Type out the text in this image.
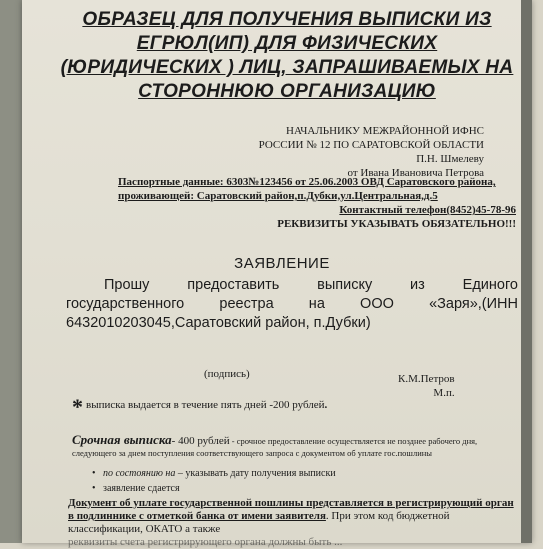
ОБРАЗЕЦ ДЛЯ ПОЛУЧЕНИЯ ВЫПИСКИ ИЗ
ЕГРЮЛ(ИП) ДЛЯ ФИЗИЧЕСКИХ
(ЮРИДИЧЕСКИХ ) ЛИЦ, ЗАПРАШИВАЕМЫХ НА
СТОРОННЮЮ ОРГАНИЗАЦИЮ
НАЧАЛЬНИКУ МЕЖРАЙОННОЙ ИФНС
РОССИИ № 12 ПО САРАТОВСКОЙ ОБЛАСТИ
П.Н. Шмелеву
от Ивана Ивановича Петрова
Паспортные данные: 6303№123456 от 25.06.2003 ОВД Саратовского района,
проживающей: Саратовский район,п.Дубки,ул.Центральная,д.5
Контактный телефон(8452)45-78-96
РЕКВИЗИТЫ УКАЗЫВАТЬ ОБЯЗАТЕЛЬНО!!!
ЗАЯВЛЕНИЕ
Прошу предоставить выписку из Единого
государственного реестра на ООО «Заря»,(ИНН
6432010203045,Саратовский район, п.Дубки)
(подпись)	К.М.Петров
М.п.
* выписка выдается в течение пять дней -200 рублей.
Срочная выписка- 400 рублей - срочное предоставление осуществляется не позднее рабочего дня, следующего за днем поступления соответствующего запроса с документом об уплате гос.пошлины
•   по состоянию на – указывать дату получения выписки
•   заявление сдается
Документ об уплате государственной пошлины представляется в регистрирующий орган в подлиннике с отметкой банка от имени заявителя. При этом код бюджетной классификации, ОКАТО а также
реквизиты счета регистрирующего органа должны быть ...
